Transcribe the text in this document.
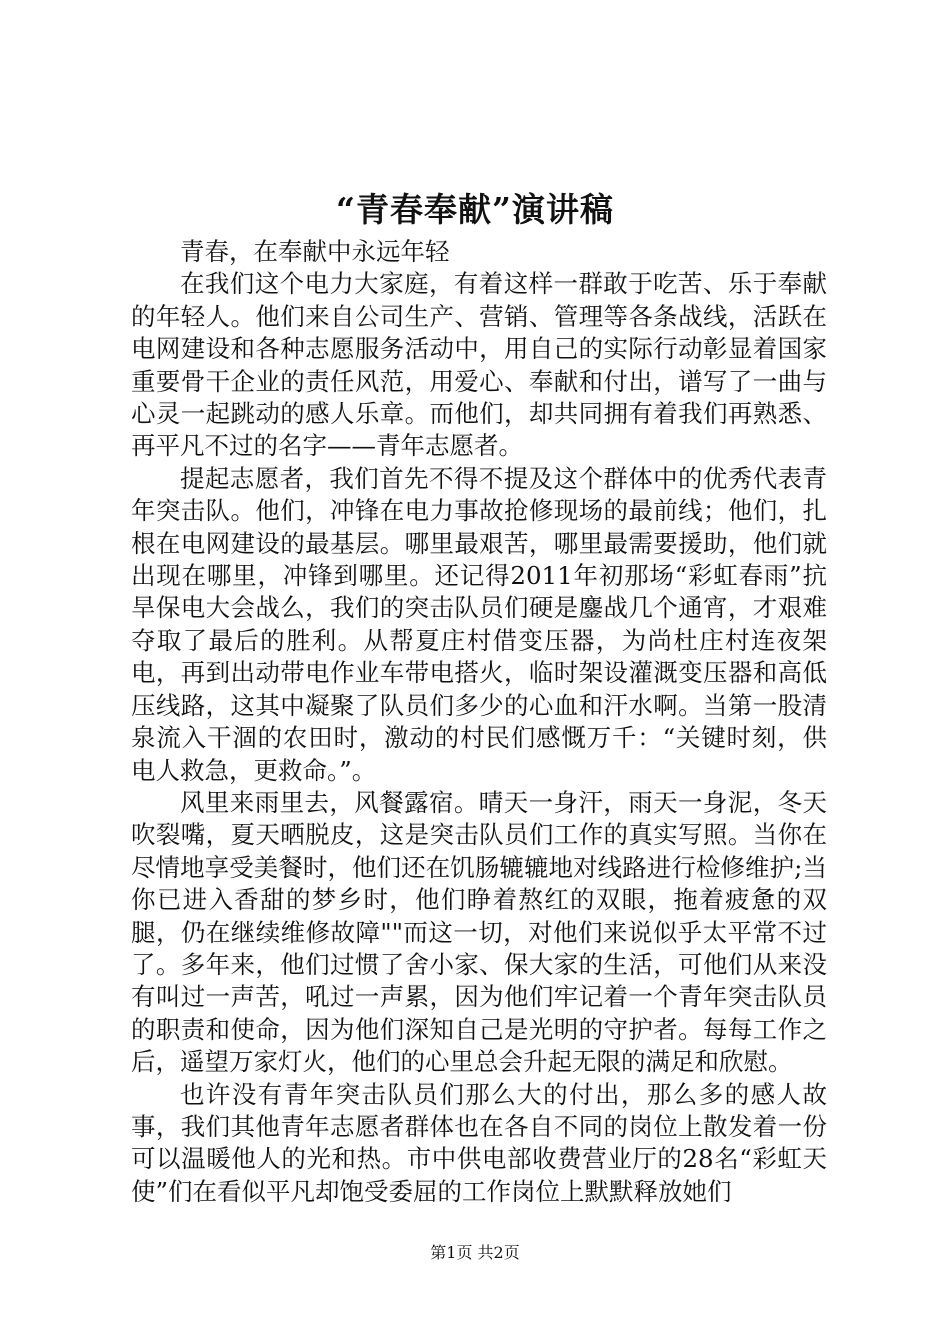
“青春奉献”演讲稿

青春，在奉献中永远年轻

在我们这个电力大家庭，有着这样一群敢于吃苦、乐于奉献的年轻人。他们来自公司生产、营销、管理等各条战线，活跃在电网建设和各种志愿服务活动中，用自己的实际行动彰显着国家重要骨干企业的责任风范，用爱心、奉献和付出，谱写了一曲与心灵一起跳动的感人乐章。而他们，却共同拥有着我们再熟悉、再平凡不过的名字——青年志愿者。

提起志愿者，我们首先不得不提及这个群体中的优秀代表青年突击队。他们，冲锋在电力事故抢修现场的最前线；他们，扎根在电网建设的最基层。哪里最艰苦，哪里最需要援助，他们就出现在哪里，冲锋到哪里。还记得2011年初那场“彩虹春雨”抗旱保电大会战么，我们的突击队员们硬是鏖战几个通宵，才艰难夺取了最后的胜利。从帮夏庄村借变压器，为尚杜庄村连夜架电，再到出动带电作业车带电搭火，临时架设灌溉变压器和高低压线路，这其中凝聚了队员们多少的心血和汗水啊。当第一股清泉流入干涸的农田时，激动的村民们感慨万千：“关键时刻，供电人救急，更救命。”。

风里来雨里去，风餐露宿。晴天一身汗，雨天一身泥，冬天吹裂嘴，夏天晒脱皮，这是突击队员们工作的真实写照。当你在尽情地享受美餐时，他们还在饥肠辘辘地对线路进行检修维护;当你已进入香甜的梦乡时，他们睁着熬红的双眼，拖着疲惫的双腿，仍在继续维修故障""而这一切，对他们来说似乎太平常不过了。多年来，他们过惯了舍小家、保大家的生活，可他们从来没有叫过一声苦，吼过一声累，因为他们牢记着一个青年突击队员的职责和使命，因为他们深知自己是光明的守护者。每每工作之后，遥望万家灯火，他们的心里总会升起无限的满足和欣慰。

也许没有青年突击队员们那么大的付出，那么多的感人故事，我们其他青年志愿者群体也在各自不同的岗位上散发着一份可以温暖他人的光和热。市中供电部收费营业厅的28名“彩虹天使”们在看似平凡却饱受委屈的工作岗位上默默释放她们

第1页 共2页
